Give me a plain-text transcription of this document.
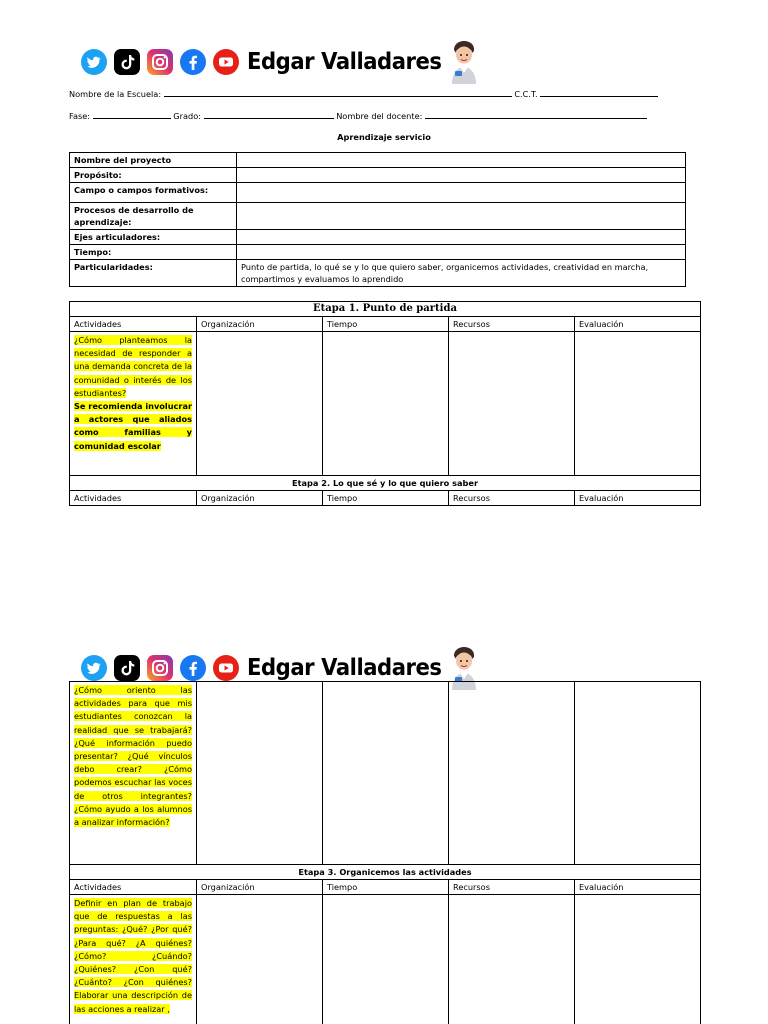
Edgar Valladares
Nombre de la Escuela:	C.C.T.
Fase:	Grado:	Nombre del docente:
Aprendizaje servicio
Nombre del proyecto	
Propósito:	
Campo o campos formativos:	
Procesos de desarrollo de aprendizaje:	
Ejes articuladores:	
Tiempo:	
Particularidades:	Punto de partida, lo qué se y lo que quiero saber, organicemos actividades, creatividad en marcha, compartimos y evaluamos lo aprendido
Etapa 1. Punto de partida				
Actividades	Organización	Tiempo	Recursos	Evaluación
¿Cómo planteamos la necesidad de responder a una demanda concreta de la comunidad o interés de los estudiantes?
Se recomienda involucrar a actores que aliados como familias y comunidad escolar				
Etapa 2. Lo que sé y lo que quiero saber				
Actividades	Organización	Tiempo	Recursos	Evaluación
Edgar Valladares
¿Cómo oriento las actividades para que mis estudiantes conozcan la realidad que se trabajará? ¿Qué información puedo presentar? ¿Qué vínculos debo crear? ¿Cómo podemos escuchar las voces de otros integrantes? ¿Cómo ayudo a los alumnos a analizar información?				
Etapa 3. Organicemos las actividades				
Actividades	Organización	Tiempo	Recursos	Evaluación
Definir en plan de trabajo que de respuestas a las preguntas: ¿Qué? ¿Por qué? ¿Para qué? ¿A quiénes? ¿Cómo? ¿Cuándo? ¿Quiénes? ¿Con qué? ¿Cuánto? ¿Con quiénes? Elaborar una descripción de las acciones a realizar ,				
